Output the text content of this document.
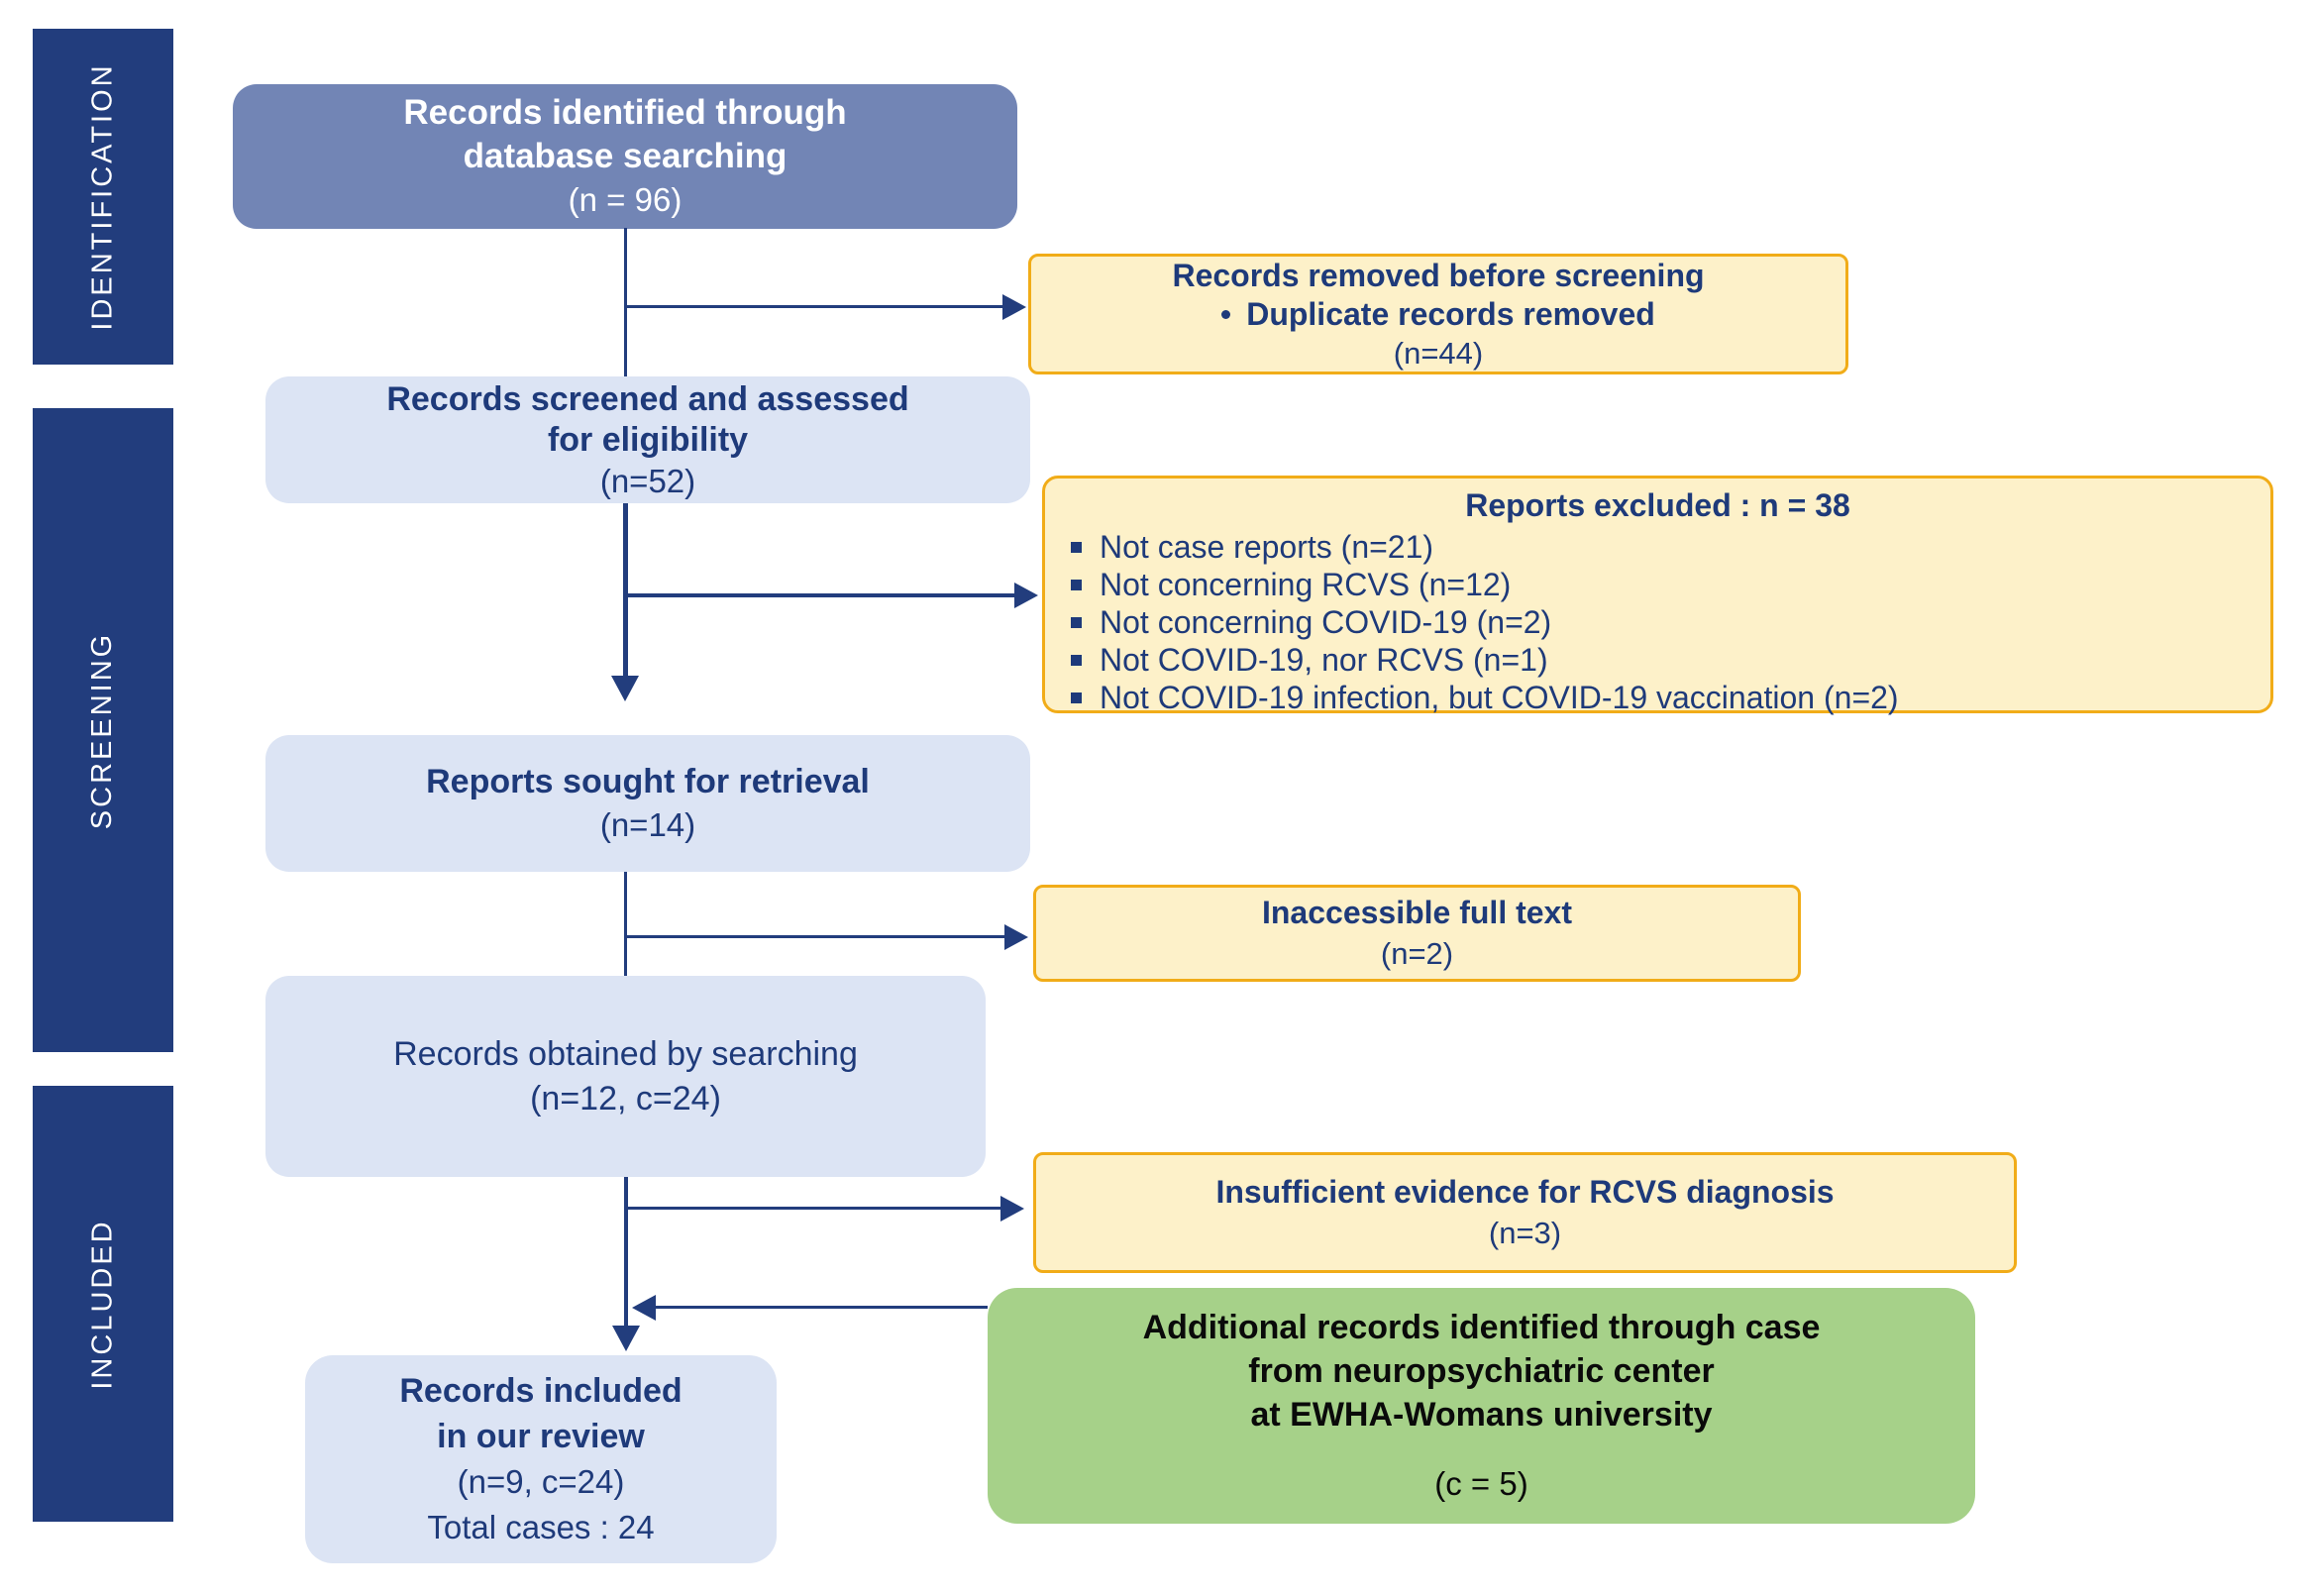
IDENTIFICATION
SCREENING
INCLUDED
Records identified through
database searching
(n = 96)
Records removed before screening
Duplicate records removed
(n=44)
Records screened and assessed
for eligibility
(n=52)
Reports excluded : n = 38
Not case reports (n=21)
Not concerning RCVS (n=12)
Not concerning COVID-19 (n=2)
Not COVID-19, nor RCVS (n=1)
Not COVID-19 infection, but COVID-19 vaccination (n=2)
Reports sought for retrieval
(n=14)
Inaccessible full text
(n=2)
Records obtained by searching
(n=12, c=24)
Insufficient evidence for RCVS diagnosis
(n=3)
Additional records identified through case
from neuropsychiatric center
at EWHA-Womans university
(c = 5)
Records included
in our review
(n=9, c=24)
Total cases : 24
